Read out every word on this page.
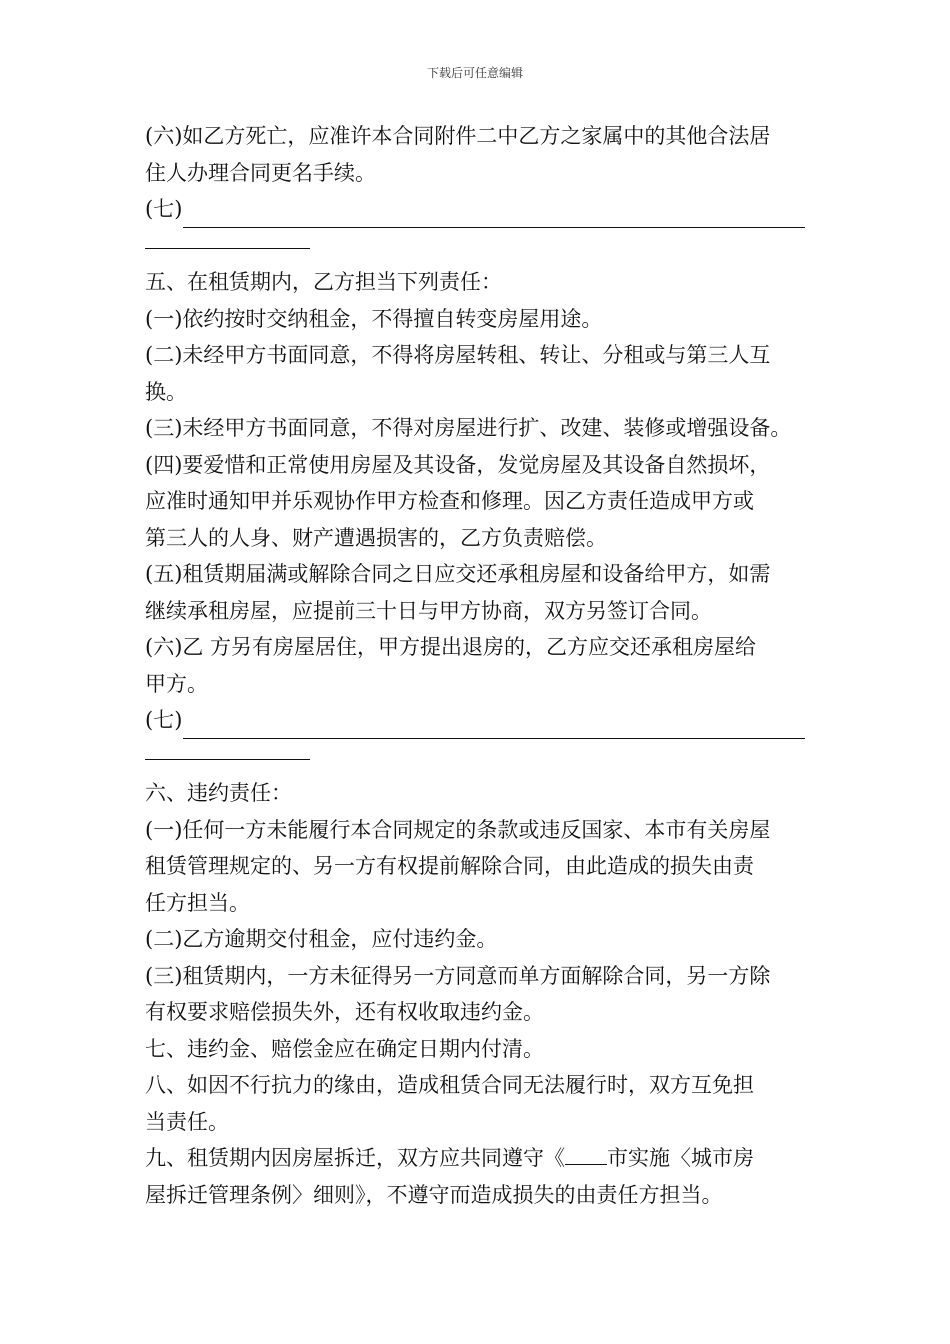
下载后可任意编辑
(六)如乙方死亡，应准许本合同附件二中乙方之家属中的其他合法居
住人办理合同更名手续。
(七)
五、在租赁期内，乙方担当下列责任：
(一)依约按时交纳租金，不得擅自转变房屋用途。
(二)未经甲方书面同意，不得将房屋转租、转让、分租或与第三人互
换。
(三)未经甲方书面同意，不得对房屋进行扩、改建、装修或增强设备。
(四)要爱惜和正常使用房屋及其设备，发觉房屋及其设备自然损坏，
应准时通知甲并乐观协作甲方检查和修理。因乙方责任造成甲方或
第三人的人身、财产遭遇损害的，乙方负责赔偿。
(五)租赁期届满或解除合同之日应交还承租房屋和设备给甲方，如需
继续承租房屋，应提前三十日与甲方协商，双方另签订合同。
(六)乙 方另有房屋居住，甲方提出退房的，乙方应交还承租房屋给
甲方。
(七)
六、违约责任：
(一)任何一方未能履行本合同规定的条款或违反国家、本市有关房屋
租赁管理规定的、另一方有权提前解除合同，由此造成的损失由责
任方担当。
(二)乙方逾期交付租金，应付违约金。
(三)租赁期内，一方未征得另一方同意而单方面解除合同，另一方除
有权要求赔偿损失外，还有权收取违约金。
七、违约金、赔偿金应在确定日期内付清。
八、如因不行抗力的缘由，造成租赁合同无法履行时，双方互免担
当责任。
九、租赁期内因房屋拆迁，双方应共同遵守《 市实施〈城市房
屋拆迁管理条例〉细则》，不遵守而造成损失的由责任方担当。
